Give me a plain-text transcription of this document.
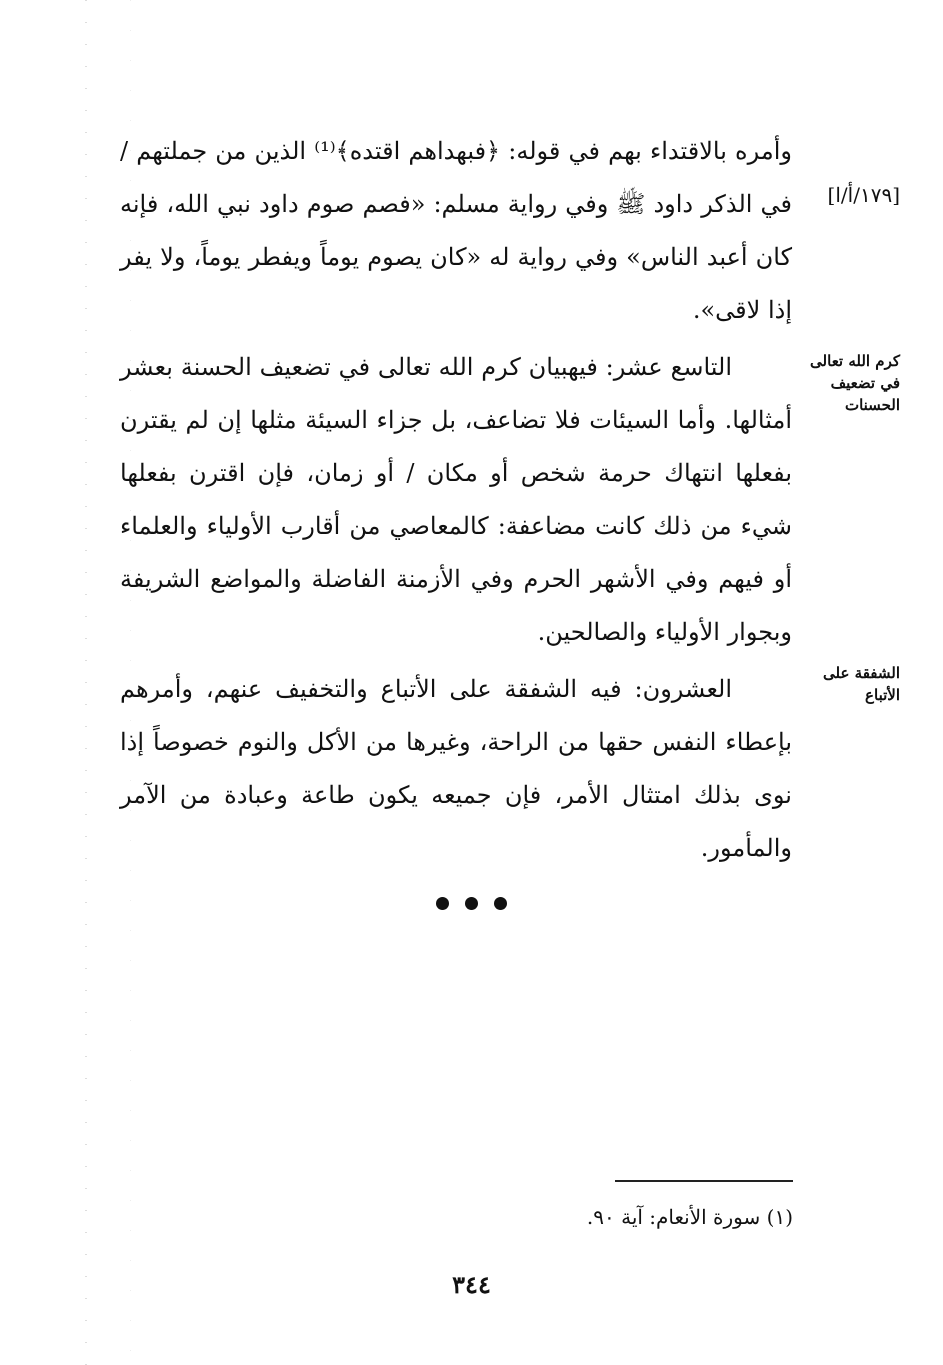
[١٧٩/أ/ا]
كرم الله تعالى في تضعيف الحسنات
الشفقة على الأتباع
وأمره بالاقتداء بهم في قوله: ﴿فبهداهم اقتده﴾⁽¹⁾ الذين من جملتهم / في الذكر داود ﷺ وفي رواية مسلم: «فصم صوم داود نبي الله، فإنه كان أعبد الناس» وفي رواية له «كان يصوم يوماً ويفطر يوماً، ولا يفر إذا لاقى».
التاسع عشر: فيهبيان كرم الله تعالى في تضعيف الحسنة بعشر أمثالها. وأما السيئات فلا تضاعف، بل جزاء السيئة مثلها إن لم يقترن بفعلها انتهاك حرمة شخص أو مكان / أو زمان، فإن اقترن بفعلها شيء من ذلك كانت مضاعفة: كالمعاصي من أقارب الأولياء والعلماء أو فيهم وفي الأشهر الحرم وفي الأزمنة الفاضلة والمواضع الشريفة وبجوار الأولياء والصالحين.
العشرون: فيه الشفقة على الأتباع والتخفيف عنهم، وأمرهم بإعطاء النفس حقها من الراحة، وغيرها من الأكل والنوم خصوصاً إذا نوى بذلك امتثال الأمر، فإن جميعه يكون طاعة وعبادة من الآمر والمأمور.
(١) سورة الأنعام: آية ٩٠.
٣٤٤
